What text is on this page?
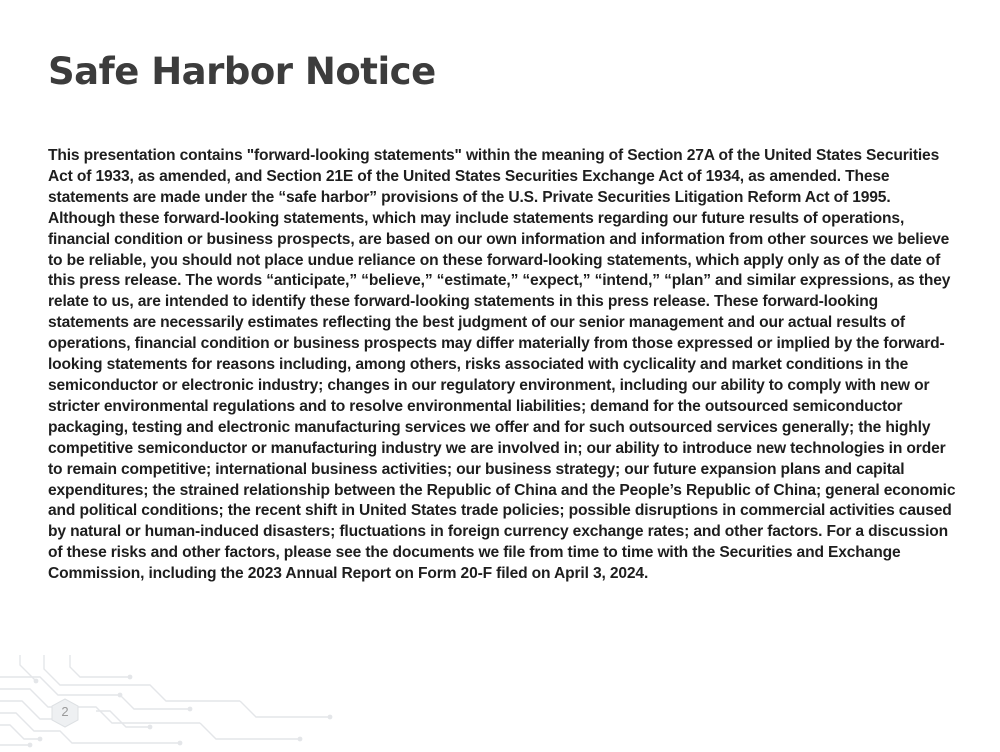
Safe Harbor Notice

This presentation contains "forward-looking statements" within the meaning of Section 27A of the United States Securities Act of 1933, as amended, and Section 21E of the United States Securities Exchange Act of 1934, as amended. These statements are made under the “safe harbor” provisions of the U.S. Private Securities Litigation Reform Act of 1995. Although these forward-looking statements, which may include statements regarding our future results of operations, financial condition or business prospects, are based on our own information and information from other sources we believe to be reliable, you should not place undue reliance on these forward-looking statements, which apply only as of the date of this press release. The words “anticipate,” “believe,” “estimate,” “expect,” “intend,” “plan” and similar expressions, as they relate to us, are intended to identify these forward-looking statements in this press release. These forward-looking statements are necessarily estimates reflecting the best judgment of our senior management and our actual results of operations, financial condition or business prospects may differ materially from those expressed or implied by the forward-looking statements for reasons including, among others, risks associated with cyclicality and market conditions in the semiconductor or electronic industry; changes in our regulatory environment, including our ability to comply with new or stricter environmental regulations and to resolve environmental liabilities; demand for the outsourced semiconductor packaging, testing and electronic manufacturing services we offer and for such outsourced services generally; the highly competitive semiconductor or manufacturing industry we are involved in; our ability to introduce new technologies in order to remain competitive; international business activities; our business strategy; our future expansion plans and capital expenditures; the strained relationship between the Republic of China and the People’s Republic of China; general economic and political conditions; the recent shift in United States trade policies; possible disruptions in commercial activities caused by natural or human-induced disasters; fluctuations in foreign currency exchange rates; and other factors. For a discussion of these risks and other factors, please see the documents we file from time to time with the Securities and Exchange Commission, including the 2023 Annual Report on Form 20-F filed on April 3, 2024.

2
